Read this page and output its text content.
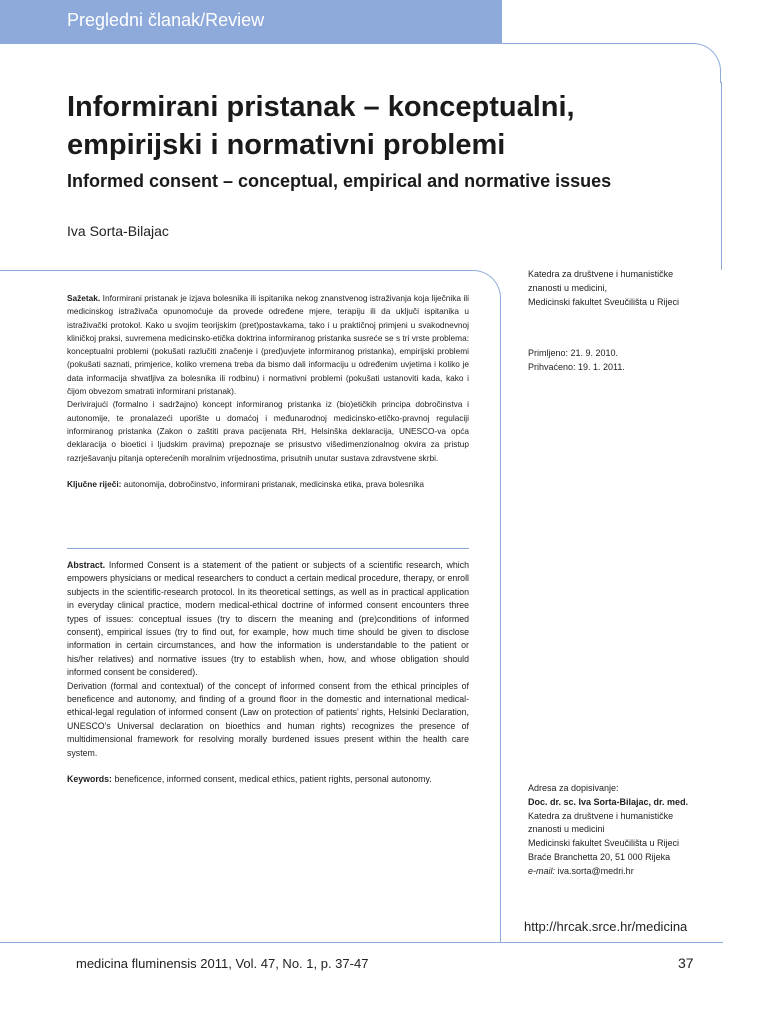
Pregledni članak/Review
Informirani pristanak – konceptualni,
empirijski i normativni problemi
Informed consent – conceptual, empirical and normative issues
Iva Sorta-Bilajac

Sažetak. Informirani pristanak je izjava bolesnika ili ispitanika nekog znanstvenog istraživanja koja liječnika ili medicinskog istraživača opunomoćuje da provede određene mjere, terapiju ili da uključi ispitanika u istraživački protokol. Kako u svojim teorijskim (pret)postavkama, tako i u praktičnoj primjeni u svakodnevnoj kliničkoj praksi, suvremena medicinsko-etička doktrina informiranog pristanka susreće se s tri vrste problema: konceptualni problemi (pokušati razlučiti značenje i (pred)uvjete informiranog pristanka), empirijski problemi (pokušati saznati, primjerice, koliko vremena treba da bismo dali informaciju u određenim uvjetima i koliko je data informacija shvatljiva za bolesnika ili rodbinu) i normativni problemi (pokušati ustanoviti kada, kako i čijom obvezom smatrati informirani pristanak).

Derivirajući (formalno i sadržajno) koncept informiranog pristanka iz (bio)etičkih principa dobročinstva i autonomije, te pronalazeći uporište u domaćoj i međunarodnoj medicinsko-etičko-pravnoj regulaciji informiranog pristanka (Zakon o zaštiti prava pacijenata RH, Helsinška deklaracija, UNESCO-va opća deklaracija o bioetici i ljudskim pravima) prepoznaje se prisustvo višedimenzionalnog okvira za pristup razrješavanju pitanja opterećenih moralnim vrijednostima, prisutnih unutar sustava zdravstvene skrbi.

Ključne riječi: autonomija, dobročinstvo, informirani pristanak, medicinska etika, prava bolesnika

Abstract. Informed Consent is a statement of the patient or subjects of a scientific research, which empowers physicians or medical researchers to conduct a certain medical procedure, therapy, or enroll subjects in the scientific-research protocol. In its theoretical settings, as well as in practical application in everyday clinical practice, modern medical-ethical doctrine of informed consent encounters three types of issues: conceptual issues (try to discern the meaning and (pre)conditions of informed consent), empirical issues (try to find out, for example, how much time should be given to disclose information in certain circumstances, and how the information is understandable to the patient or his/her relatives) and normative issues (try to establish when, how, and whose obligation should informed consent be considered).

Derivation (formal and contextual) of the concept of informed consent from the ethical principles of beneficence and autonomy, and finding of a ground floor in the domestic and international medical-ethical-legal regulation of informed consent (Law on protection of patients’ rights, Helsinki Declaration, UNESCO’s Universal declaration on bioethics and human rights) recognizes the presence of multidimensional framework for resolving morally burdened issues present within the health care system.

Keywords: beneficence, informed consent, medical ethics, patient rights, personal autonomy.

Katedra za društvene i humanističke
znanosti u medicini,
Medicinski fakultet Sveučilišta u Rijeci
Primljeno: 21. 9. 2010.
Prihvaćeno: 19. 1. 2011.
Adresa za dopisivanje:
Doc. dr. sc. Iva Sorta-Bilajac, dr. med.
Katedra za društvene i humanističke
znanosti u medicini
Medicinski fakultet Sveučilišta u Rijeci
Braće Branchetta 20, 51 000 Rijeka
e-mail: iva.sorta@medri.hr
http://hrcak.srce.hr/medicina
medicina fluminensis 2011, Vol. 47, No. 1, p. 37-47	37
